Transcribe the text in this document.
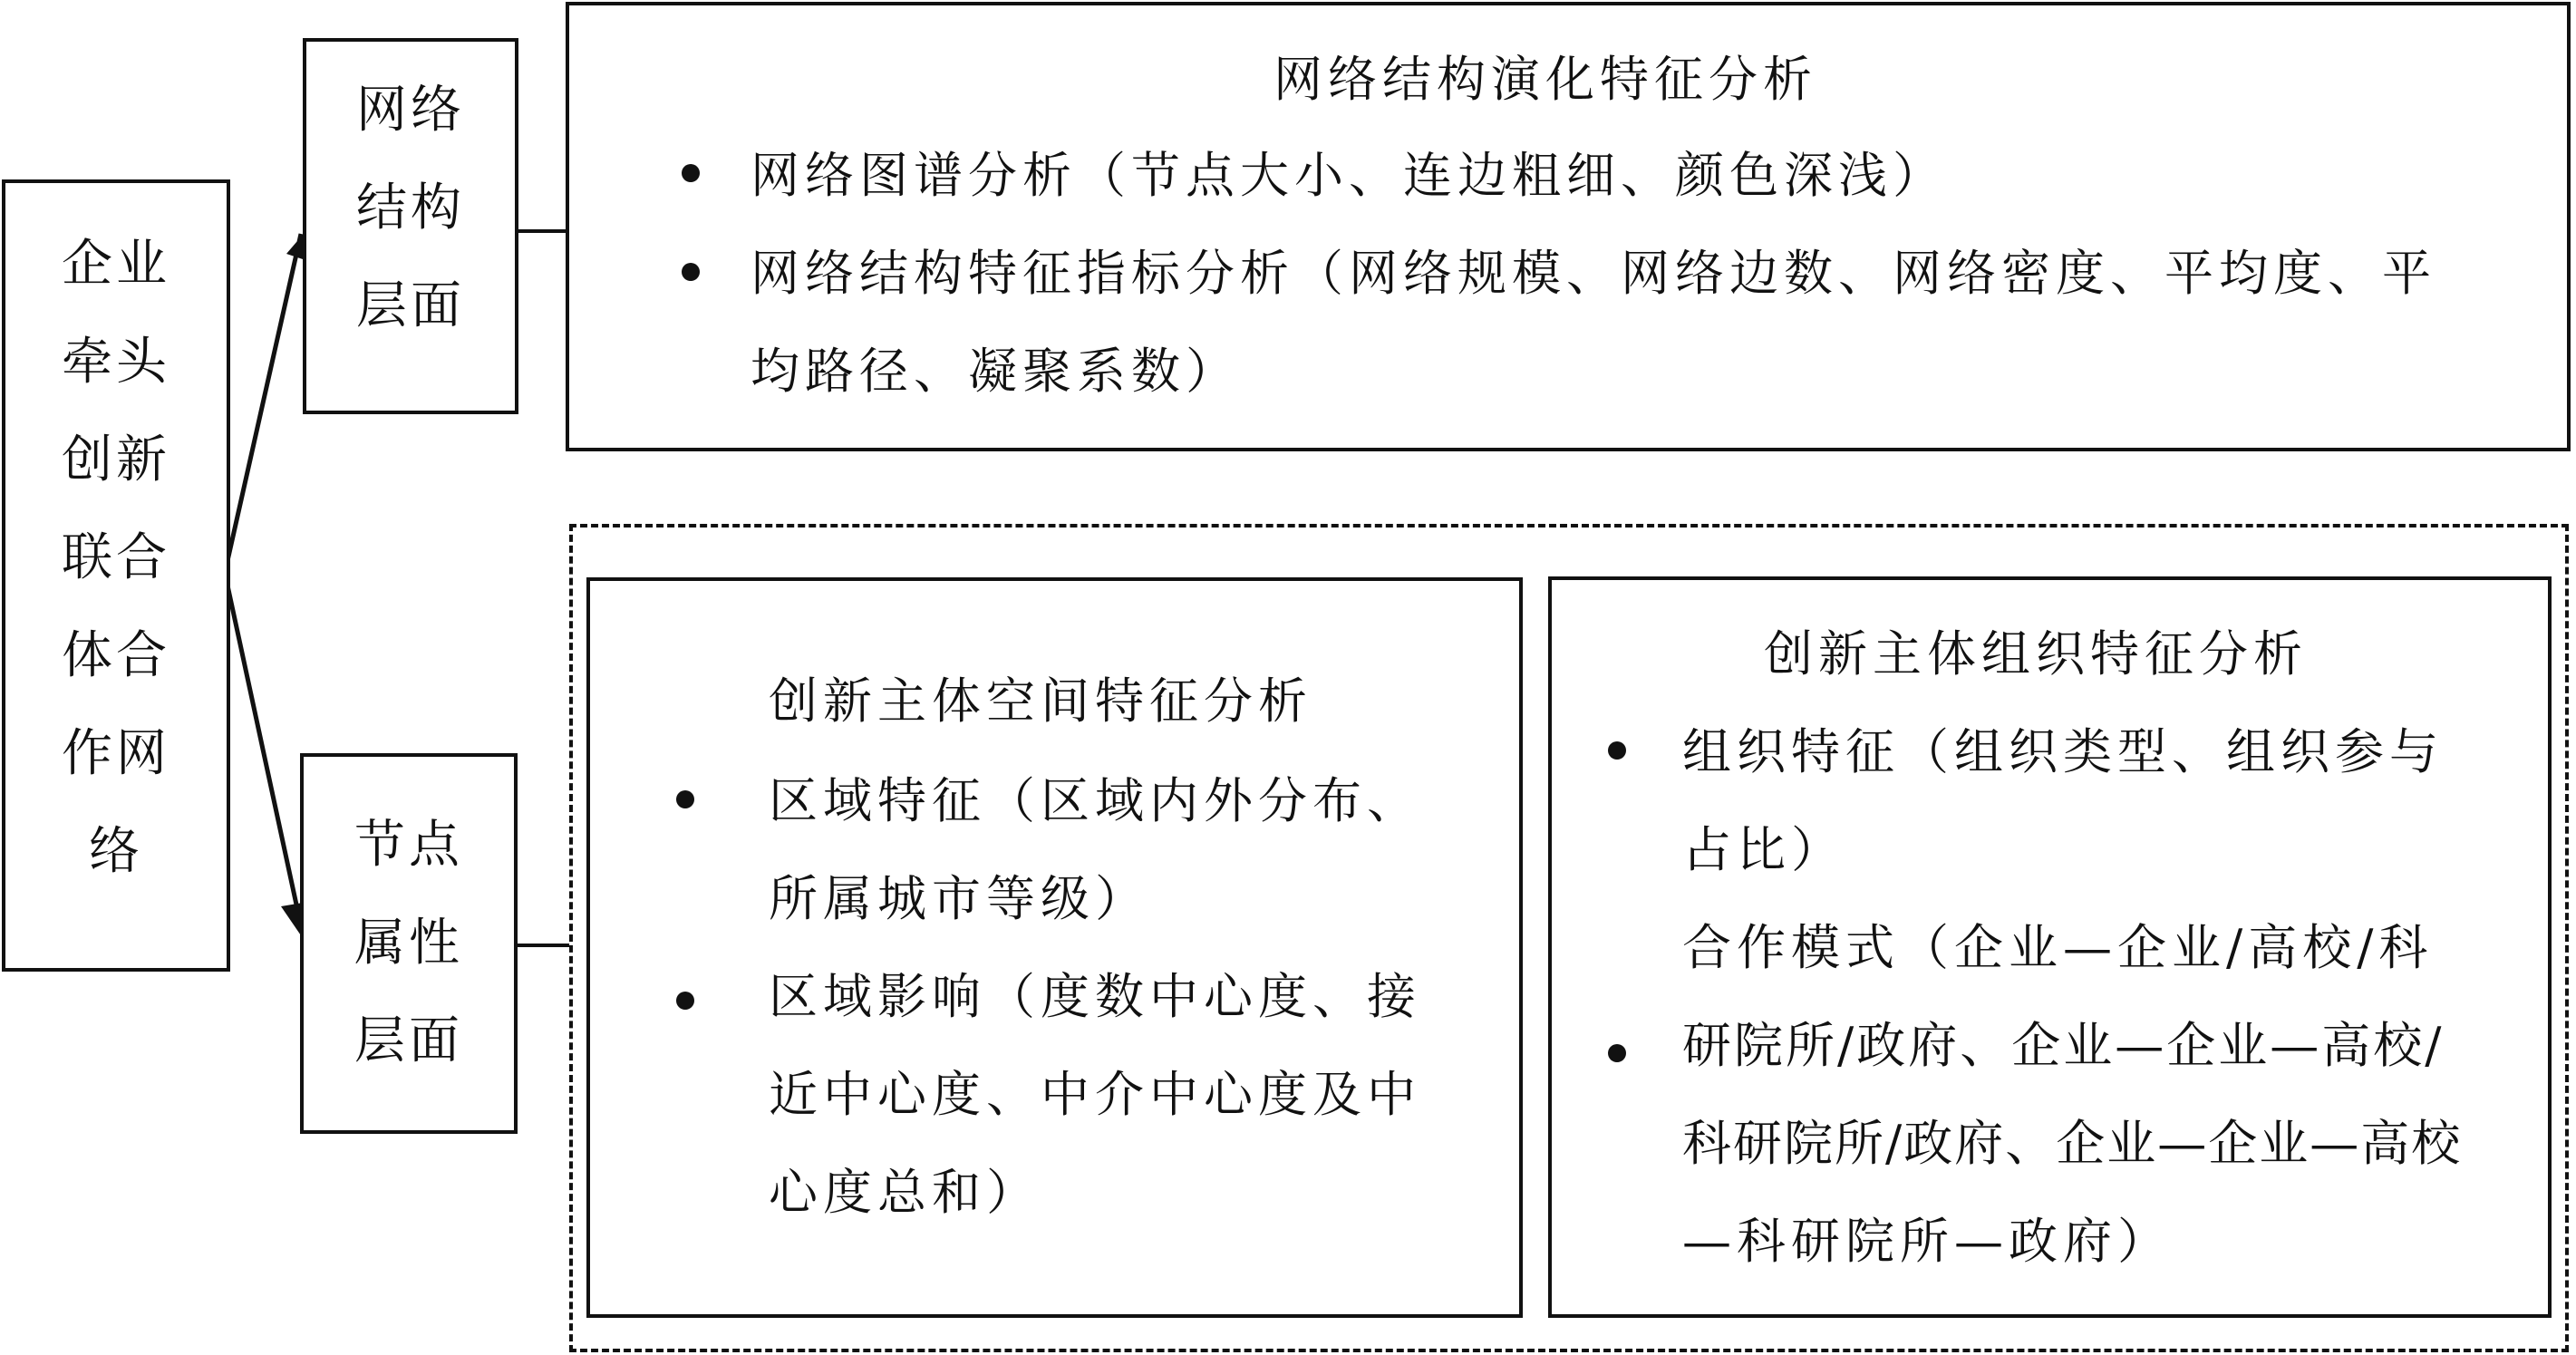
企业
牵头
创新
联合
体合
作网
络
网络
结构
层面
节点
属性
层面
网络结构演化特征分析
网络图谱分析（节点大小、连边粗细、颜色深浅）
网络结构特征指标分析（网络规模、网络边数、网络密度、平均度、平
均路径、凝聚系数）
创新主体空间特征分析
区域特征（区域内外分布、
所属城市等级）
区域影响（度数中心度、接
近中心度、中介中心度及中
心度总和）
创新主体组织特征分析
组织特征（组织类型、组织参与
占比）
合作模式（企业—企业/高校/科
研院所/政府、企业—企业—高校/
科研院所/政府、企业—企业—高校
—科研院所—政府）
